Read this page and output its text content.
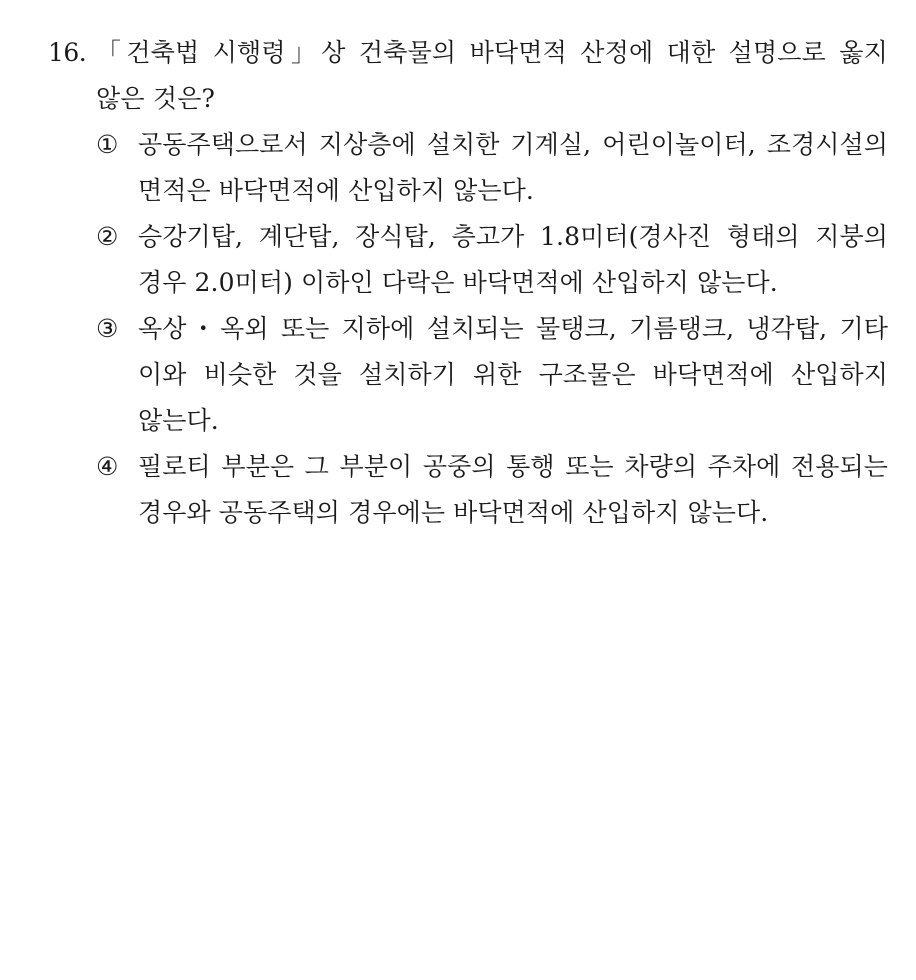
16. 「건축법 시행령」상 건축물의 바닥면적 산정에 대한 설명으로 옳지 않은 것은?
① 공동주택으로서 지상층에 설치한 기계실, 어린이놀이터, 조경시설의 면적은 바닥면적에 산입하지 않는다.
② 승강기탑, 계단탑, 장식탑, 층고가 1.8미터(경사진 형태의 지붕의 경우 2.0미터) 이하인 다락은 바닥면적에 산입하지 않는다.
③ 옥상・옥외 또는 지하에 설치되는 물탱크, 기름탱크, 냉각탑, 기타 이와 비슷한 것을 설치하기 위한 구조물은 바닥면적에 산입하지 않는다.
④ 필로티 부분은 그 부분이 공중의 통행 또는 차량의 주차에 전용되는 경우와 공동주택의 경우에는 바닥면적에 산입하지 않는다.
